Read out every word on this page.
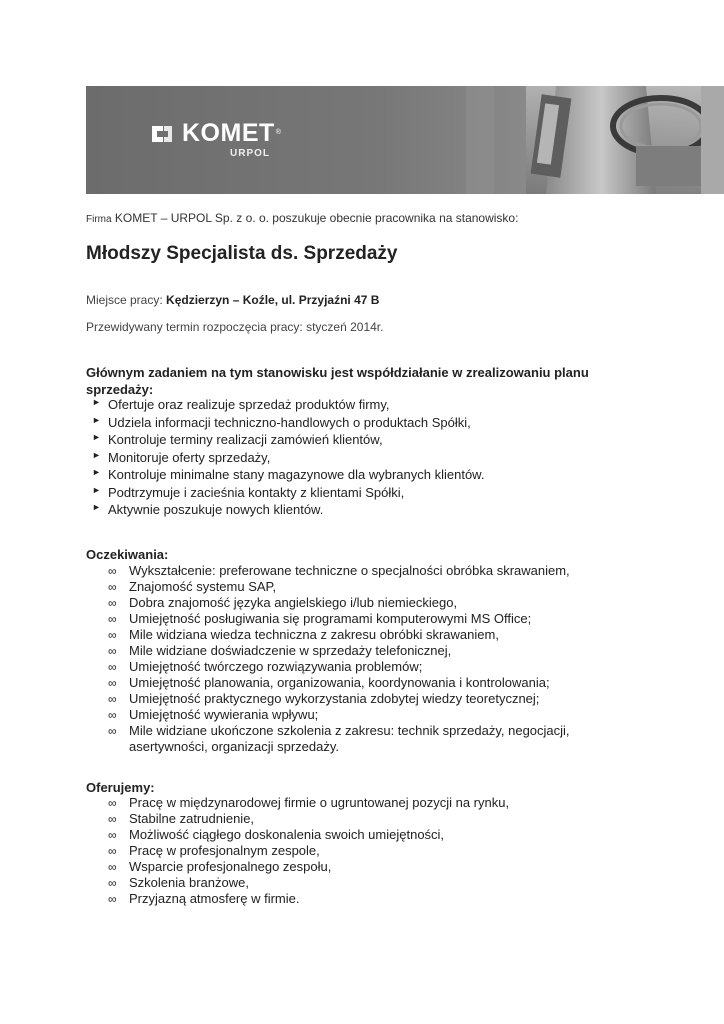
KOMET®
URPOL
Firma KOMET – URPOL Sp. z o. o. poszukuje obecnie pracownika na stanowisko:
Młodszy Specjalista ds. Sprzedaży
Miejsce pracy: Kędzierzyn – Koźle, ul. Przyjaźni 47 B
Przewidywany termin rozpoczęcia pracy: styczeń 2014r.
Głównym zadaniem na tym stanowisku jest współdziałanie w zrealizowaniu planu
sprzedaży:
► Ofertuje oraz realizuje sprzedaż produktów firmy,
► Udziela informacji techniczno-handlowych o produktach Spółki,
► Kontroluje terminy realizacji zamówień klientów,
► Monitoruje oferty sprzedaży,
► Kontroluje minimalne stany magazynowe dla wybranych klientów.
► Podtrzymuje i zacieśnia kontakty z klientami Spółki,
► Aktywnie poszukuje nowych klientów.
Oczekiwania:
∞ Wykształcenie: preferowane techniczne o specjalności obróbka skrawaniem,
∞ Znajomość systemu SAP,
∞ Dobra znajomość języka angielskiego i/lub niemieckiego,
∞ Umiejętność posługiwania się programami komputerowymi MS Office;
∞ Mile widziana wiedza techniczna z zakresu obróbki skrawaniem,
∞ Mile widziane doświadczenie w sprzedaży telefonicznej,
∞ Umiejętność twórczego rozwiązywania problemów;
∞ Umiejętność planowania, organizowania, koordynowania i kontrolowania;
∞ Umiejętność praktycznego wykorzystania zdobytej wiedzy teoretycznej;
∞ Umiejętność wywierania wpływu;
∞ Mile widziane ukończone szkolenia z zakresu: technik sprzedaży, negocjacji,
asertywności, organizacji sprzedaży.
Oferujemy:
∞ Pracę w międzynarodowej firmie o ugruntowanej pozycji na rynku,
∞ Stabilne zatrudnienie,
∞ Możliwość ciągłego doskonalenia swoich umiejętności,
∞ Pracę w profesjonalnym zespole,
∞ Wsparcie profesjonalnego zespołu,
∞ Szkolenia branżowe,
∞ Przyjazną atmosferę w firmie.
